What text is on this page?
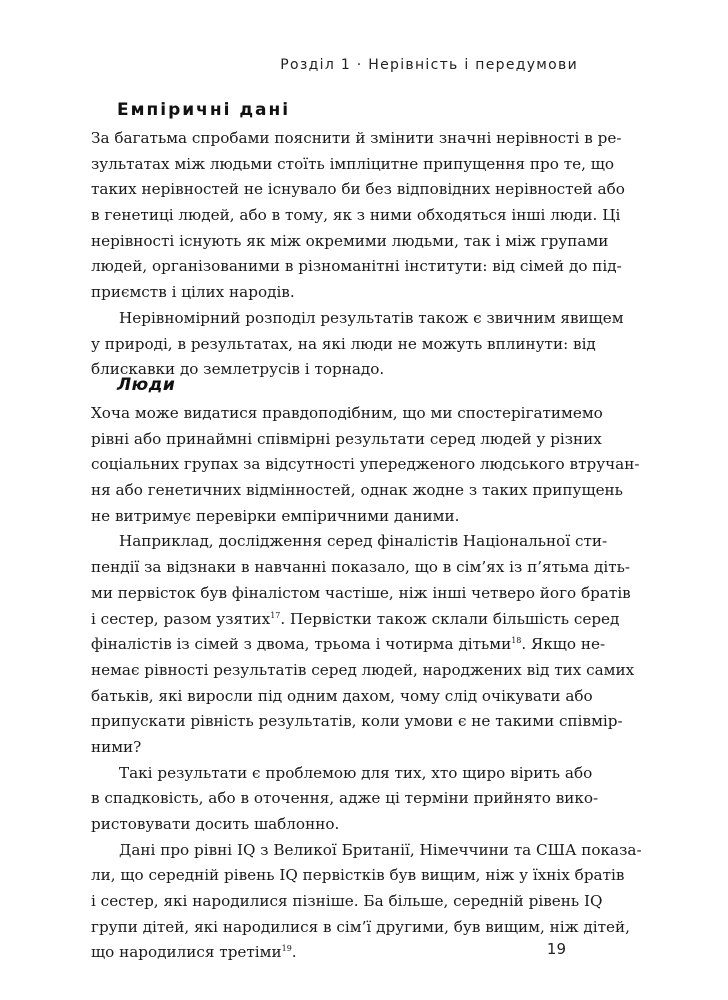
Розділ 1 · Нерівність і передумови
Емпіричні дані
За багатьма спробами пояснити й змінити значні нерівності в ре-
зультатах між людьми стоїть імпліцитне припущення про те, що
таких нерівностей не існувало би без відповідних нерівностей або
в генетиці людей, або в тому, як з ними обходяться інші люди. Ці
нерівності існують як між окремими людьми, так і між групами
людей, організованими в різноманітні інститути: від сімей до під-
приємств і цілих народів.
Нерівномірний розподіл результатів також є звичним явищем
у природі, в результатах, на які люди не можуть вплинути: від
блискавки до землетрусів і торнадо.
Люди
Хоча може видатися правдоподібним, що ми спостерігатимемо
рівні або принаймні співмірні результати серед людей у різних
соціальних групах за відсутності упередженого людського втручан-
ня або генетичних відмінностей, однак жодне з таких припущень
не витримує перевірки емпіричними даними.
Наприклад, дослідження серед фіналістів Національної сти-
пендії за відзнаки в навчанні показало, що в сім’ях із п’ятьма діть-
ми первісток був фіналістом частіше, ніж інші четверо його братів
і сестер, разом узятих$^{17}$. Первістки також склали більшість серед
фіналістів із сімей з двома, трьома і чотирма дітьми$^{18}$. Якщо не-
немає рівності результатів серед людей, народжених від тих самих
батьків, які виросли під одним дахом, чому слід очікувати або
припускати рівність результатів, коли умови є не такими співмір-
ними?
Такі результати є проблемою для тих, хто щиро вірить або
в спадковість, або в оточення, адже ці терміни прийнято вико-
ристовувати досить шаблонно.
Дані про рівні IQ з Великої Британії, Німеччини та США показа-
ли, що середній рівень IQ первістків був вищим, ніж у їхніх братів
і сестер, які народилися пізніше. Ба більше, середній рівень IQ
групи дітей, які народилися в сім’ї другими, був вищим, ніж дітей,
що народилися третіми$^{19}$.	19
